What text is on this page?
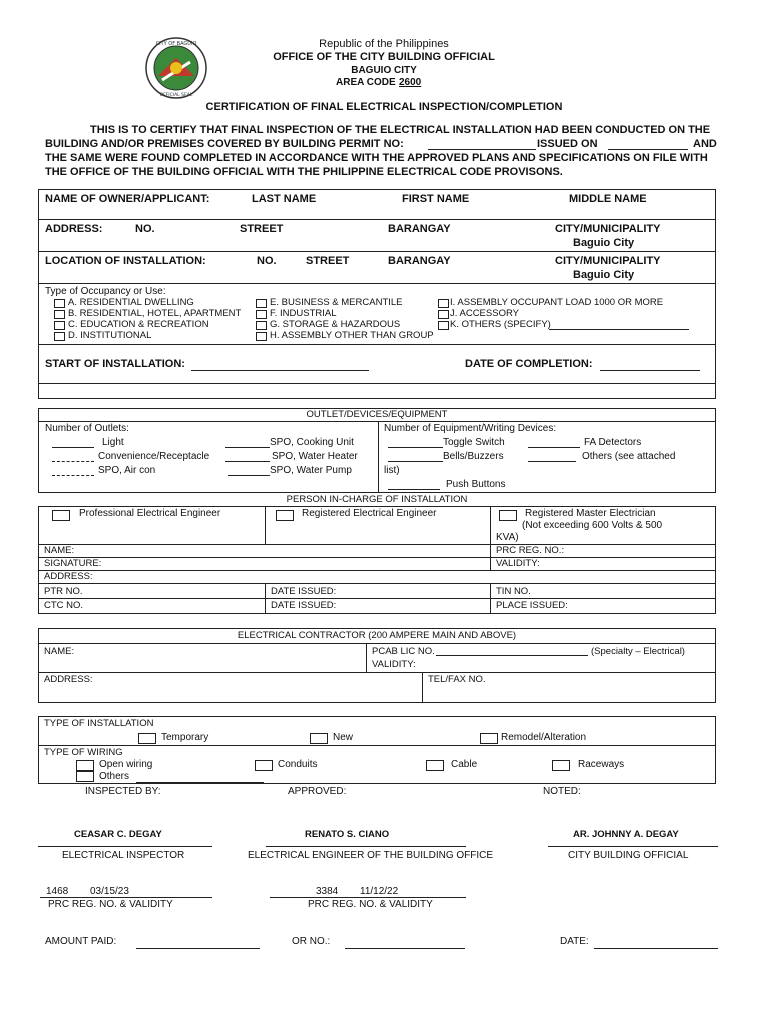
CITY OF BAGUIO
OFFICIAL SEAL
Republic of the Philippines
OFFICE OF THE CITY BUILDING OFFICIAL
BAGUIO CITY
AREA CODE 2600
CERTIFICATION OF FINAL ELECTRICAL INSPECTION/COMPLETION
THIS IS TO CERTIFY THAT FINAL INSPECTION OF THE ELECTRICAL INSTALLATION HAD BEEN CONDUCTED ON THE
BUILDING AND/OR PREMISES COVERED BY BUILDING PERMIT NO:	ISSUED ON	AND
THE SAME WERE FOUND COMPLETED IN ACCORDANCE WITH THE APPROVED PLANS AND SPECIFICATIONS ON FILE WITH
THE OFFICE OF THE BUILDING OFFICIAL WITH THE PHILIPPINE ELECTRICAL CODE PROVISONS.
NAME OF OWNER/APPLICANT:	LAST NAME	FIRST NAME	MIDDLE NAME
ADDRESS:	NO.	STREET	BARANGAY	CITY/MUNICIPALITY
Baguio City
LOCATION OF INSTALLATION:	NO.	STREET	BARANGAY	CITY/MUNICIPALITY
Baguio City
Type of Occupancy or Use:
A. RESIDENTIAL DWELLING
B. RESIDENTIAL, HOTEL, APARTMENT
C. EDUCATION & RECREATION
D. INSTITUTIONAL
E. BUSINESS & MERCANTILE
F. INDUSTRIAL
G. STORAGE & HAZARDOUS
H. ASSEMBLY OTHER THAN GROUP
I. ASSEMBLY OCCUPANT LOAD 1000 OR MORE
J. ACCESSORY
K. OTHERS (SPECIFY)
START OF INSTALLATION:	DATE OF COMPLETION:
OUTLET/DEVICES/EQUIPMENT
Number of Outlets:
Light
Convenience/Receptacle
SPO, Air con
SPO, Cooking Unit
SPO, Water Heater
SPO, Water Pump
Number of Equipment/Writing Devices:
Toggle Switch	FA Detectors
Bells/Buzzers	Others (see attached
list)
Push Buttons
PERSON IN-CHARGE OF INSTALLATION
Professional Electrical Engineer	Registered Electrical Engineer	Registered Master Electrician
(Not exceeding 600 Volts & 500
KVA)
NAME:	PRC REG. NO.:
SIGNATURE:	VALIDITY:
ADDRESS:
PTR NO.	DATE ISSUED:	TIN NO.
CTC NO.	DATE ISSUED:	PLACE ISSUED:
ELECTRICAL CONTRACTOR (200 AMPERE MAIN AND ABOVE)
NAME:	PCAB LIC NO.	(Specialty – Electrical)
VALIDITY:
ADDRESS:	TEL/FAX NO.
TYPE OF INSTALLATION
Temporary	New	Remodel/Alteration
TYPE OF WIRING
Open wiring
Others
Conduits	Cable	Raceways
INSPECTED BY:	APPROVED:	NOTED:
CEASAR C. DEGAY
ELECTRICAL INSPECTOR
RENATO S. CIANO
ELECTRICAL ENGINEER OF THE BUILDING OFFICE
AR. JOHNNY A. DEGAY
CITY BUILDING OFFICIAL
1468 03/15/23
PRC REG. NO. & VALIDITY
3384 11/12/22
PRC REG. NO. & VALIDITY
AMOUNT PAID:	OR NO.:	DATE:
